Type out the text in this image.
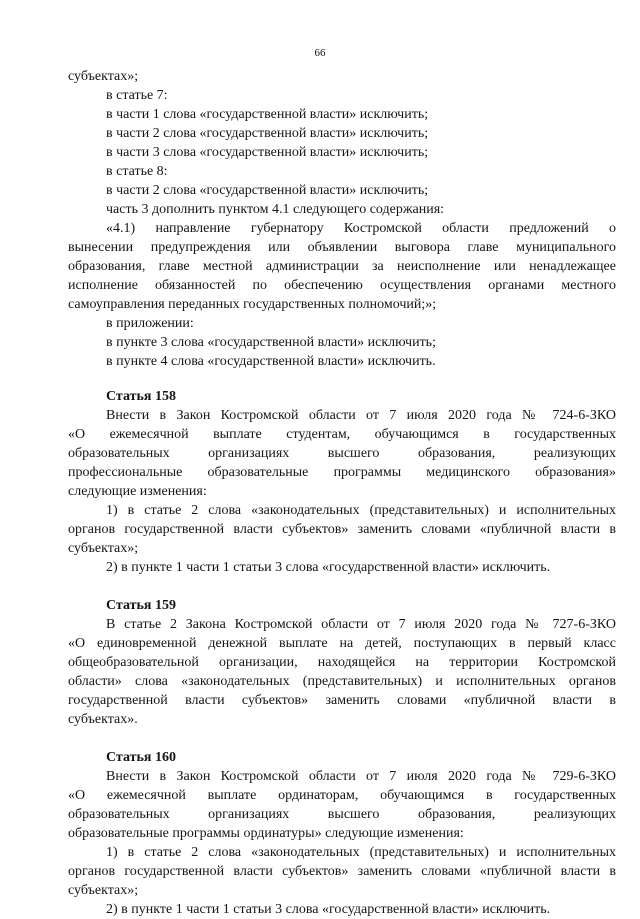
66
субъектах»;
в статье 7:
в части 1 слова «государственной власти» исключить;
в части 2 слова «государственной власти» исключить;
в части 3 слова «государственной власти» исключить;
в статье 8:
в части 2 слова «государственной власти» исключить;
часть 3 дополнить пунктом 4.1 следующего содержания:
«4.1) направление губернатору Костромской области предложений о
вынесении предупреждения или объявлении выговора главе муниципального
образования, главе местной администрации за неисполнение или ненадлежащее
исполнение обязанностей по обеспечению осуществления органами местного
самоуправления переданных государственных полномочий;»;
в приложении:
в пункте 3 слова «государственной власти» исключить;
в пункте 4 слова «государственной власти» исключить.
Статья 158
Внести в Закон Костромской области от 7 июля 2020 года № 724-6-ЗКО
«О ежемесячной выплате студентам, обучающимся в государственных
образовательных организациях высшего образования, реализующих
профессиональные образовательные программы медицинского образования»
следующие изменения:
1) в статье 2 слова «законодательных (представительных) и исполнительных
органов государственной власти субъектов» заменить словами «публичной власти в
субъектах»;
2) в пункте 1 части 1 статьи 3 слова «государственной власти» исключить.
Статья 159
В статье 2 Закона Костромской области от 7 июля 2020 года № 727-6-ЗКО
«О единовременной денежной выплате на детей, поступающих в первый класс
общеобразовательной организации, находящейся на территории Костромской
области» слова «законодательных (представительных) и исполнительных органов
государственной власти субъектов» заменить словами «публичной власти в
субъектах».
Статья 160
Внести в Закон Костромской области от 7 июля 2020 года № 729-6-ЗКО
«О ежемесячной выплате ординаторам, обучающимся в государственных
образовательных организациях высшего образования, реализующих
образовательные программы ординатуры» следующие изменения:
1) в статье 2 слова «законодательных (представительных) и исполнительных
органов государственной власти субъектов» заменить словами «публичной власти в
субъектах»;
2) в пункте 1 части 1 статьи 3 слова «государственной власти» исключить.
